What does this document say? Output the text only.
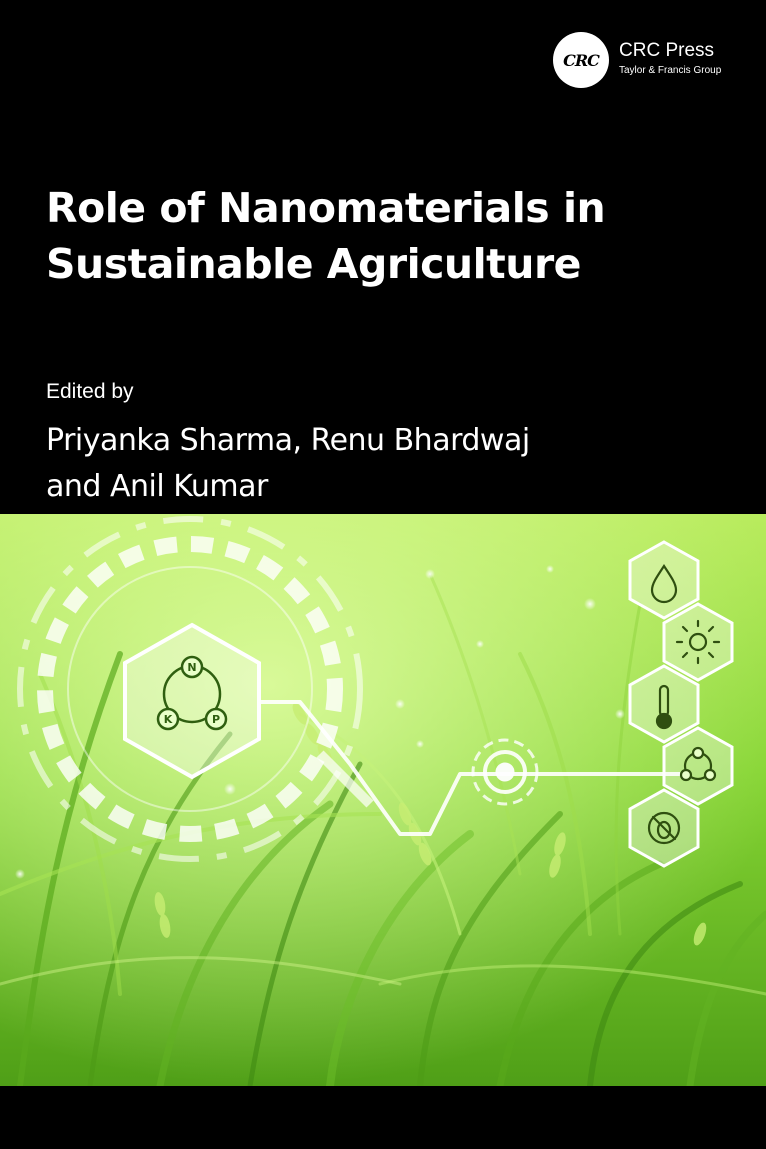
CRC CRC Press
Taylor & Francis Group
Role of Nanomaterials in
Sustainable Agriculture
Edited by
Priyanka Sharma, Renu Bhardwaj
and Anil Kumar
N
K	P
